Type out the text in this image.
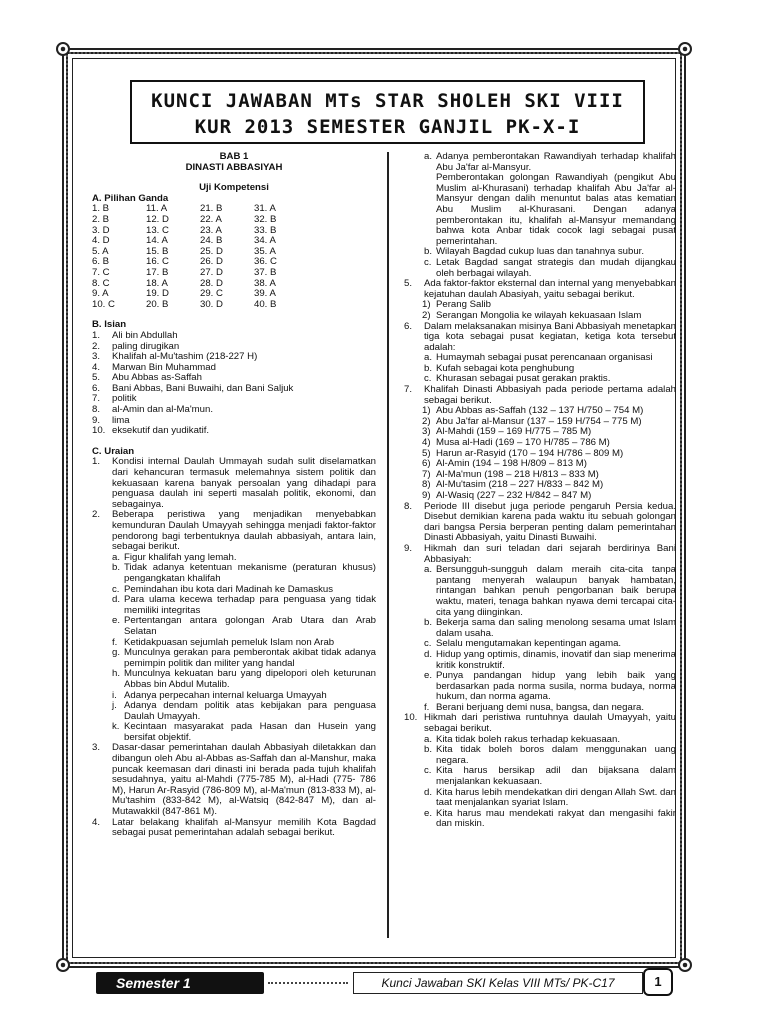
KUNCI JAWABAN MTs STAR SHOLEH SKI VIII
KUR 2013 SEMESTER GANJIL PK-X-I
BAB 1
DINASTI ABBASIYAH
Uji Kompetensi
A. Pilihan Ganda
1. B	11. A	21. B	31. A
2. B	12. D	22. A	32. B
3. D	13. C	23. A	33. B
4. D	14. A	24. B	34. A
5. A	15. B	25. D	35. A
6. B	16. C	26. D	36. C
7. C	17. B	27. D	37. B
8. C	18. A	28. D	38. A
9. A	19. D	29. C	39. A
10. C	20. B	30. D	40. B
B. Isian
1.	Ali bin Abdullah
2.	paling dirugikan
3.	Khalifah al-Mu'tashim (218-227 H)
4.	Marwan Bin Muhammad
5.	Abu Abbas as-Saffah
6.	Bani Abbas, Bani Buwaihi, dan Bani Saljuk
7.	politik
8.	al-Amin dan al-Ma'mun.
9.	lima
10. eksekutif dan yudikatif.
C. Uraian
1.	Kondisi internal Daulah Ummayah sudah sulit diselamatkan dari kehancuran termasuk melemahnya sistem politik dan kekuasaan karena banyak persoalan yang dihadapi para penguasa daulah ini seperti masalah politik, ekonomi, dan sebagainya.
2.	Beberapa peristiwa yang menjadikan menyebabkan kemunduran Daulah Umayyah sehingga menjadi faktor-faktor pendorong bagi terbentuknya daulah abbasiyah, antara lain, sebagai berikut.
a. Figur khalifah yang lemah.
b. Tidak adanya ketentuan mekanisme (peraturan khusus) pengangkatan khalifah
c. Pemindahan ibu kota dari Madinah ke Damaskus
d. Para ulama kecewa terhadap para penguasa yang tidak memiliki integritas
e. Pertentangan antara golongan Arab Utara dan Arab Selatan
f. Ketidakpuasan sejumlah pemeluk Islam non Arab
g. Munculnya gerakan para pemberontak akibat tidak adanya pemimpin politik dan militer yang handal
h. Munculnya kekuatan baru yang dipelopori oleh keturunan Abbas bin Abdul Mutalib.
i. Adanya perpecahan internal keluarga Umayyah
j. Adanya dendam politik atas kebijakan para penguasa Daulah Umayyah.
k. Kecintaan masyarakat pada Hasan dan Husein yang bersifat objektif.
3.	Dasar-dasar pemerintahan daulah Abbasiyah diletakkan dan dibangun oleh Abu al-Abbas as-Saffah dan al-Manshur, maka puncak keemasan dari dinasti ini berada pada tujuh khalifah sesudahnya, yaitu al-Mahdi (775-785 M), al-Hadi (775- 786 M), Harun Ar-Rasyid (786-809 M), al-Ma'mun (813-833 M), al-Mu'tashim (833-842 M), al-Watsiq (842-847 M), dan al-Mutawakkil (847-861 M).
4.	Latar belakang khalifah al-Mansyur memilih Kota Bagdad sebagai pusat pemerintahan adalah sebagai berikut.
a. Adanya pemberontakan Rawandiyah terhadap khalifah Abu Ja'far al-Mansyur.
Pemberontakan golongan Rawandiyah (pengikut Abu Muslim al-Khurasani) terhadap khalifah Abu Ja'far al-Mansyur dengan dalih menuntut balas atas kematian Abu Muslim al-Khurasani. Dengan adanya pemberontakan itu, khalifah al-Mansyur memandang bahwa kota Anbar tidak cocok lagi sebagai pusat pemerintahan.
b. Wilayah Bagdad cukup luas dan tanahnya subur.
c. Letak Bagdad sangat strategis dan mudah dijangkau oleh berbagai wilayah.
5.	Ada faktor-faktor eksternal dan internal yang menyebabkan kejatuhan daulah Abasiyah, yaitu sebagai berikut.
1) Perang Salib
2) Serangan Mongolia ke wilayah kekuasaan Islam
6.	Dalam melaksanakan misinya Bani Abbasiyah menetapkan tiga kota sebagai pusat kegiatan, ketiga kota tersebut adalah:
a. Humaymah sebagai pusat perencanaan organisasi
b. Kufah sebagai kota penghubung
c. Khurasan sebagai pusat gerakan praktis.
7.	Khalifah Dinasti Abbasiyah pada periode pertama adalah sebagai berikut.
1) Abu Abbas as-Saffah (132 – 137 H/750 – 754 M)
2) Abu Ja'far al-Mansur (137 – 159 H/754 – 775 M)
3) Al-Mahdi (159 – 169 H/775 – 785 M)
4) Musa al-Hadi (169 – 170 H/785 – 786 M)
5) Harun ar-Rasyid (170 – 194 H/786 – 809 M)
6) Al-Amin (194 – 198 H/809 – 813 M)
7) Al-Ma'mun (198 – 218 H/813 – 833 M)
8) Al-Mu'tasim (218 – 227 H/833 – 842 M)
9) Al-Wasiq (227 – 232 H/842 – 847 M)
8.	Periode III disebut juga periode pengaruh Persia kedua. Disebut demikian karena pada waktu itu sebuah golongan dari bangsa Persia berperan penting dalam pemerintahan Dinasti Abbasiyah, yaitu Dinasti Buwaihi.
9.	Hikmah dan suri teladan dari sejarah berdirinya Bani Abbasiyah:
a. Bersungguh-sungguh dalam meraih cita-cita tanpa pantang menyerah walaupun banyak hambatan, rintangan bahkan penuh pengorbanan baik berupa waktu, materi, tenaga bahkan nyawa demi tercapai cita-cita yang diinginkan.
b. Bekerja sama dan saling menolong sesama umat Islam dalam usaha.
c. Selalu mengutamakan kepentingan agama.
d. Hidup yang optimis, dinamis, inovatif dan siap menerima kritik konstruktif.
e. Punya pandangan hidup yang lebih baik yang berdasarkan pada norma susila, norma budaya, norma hukum, dan norma agama.
f. Berani berjuang demi nusa, bangsa, dan negara.
10. Hikmah dari peristiwa runtuhnya daulah Umayyah, yaitu sebagai berikut.
a. Kita tidak boleh rakus terhadap kekuasaan.
b. Kita tidak boleh boros dalam menggunakan uang negara.
c. Kita harus bersikap adil dan bijaksana dalam menjalankan kekuasaan.
d. Kita harus lebih mendekatkan diri dengan Allah Swt. dan taat menjalankan syariat Islam.
e. Kita harus mau mendekati rakyat dan mengasihi fakir dan miskin.
Semester 1	Kunci Jawaban SKI Kelas VIII MTs/ PK-C17	1
